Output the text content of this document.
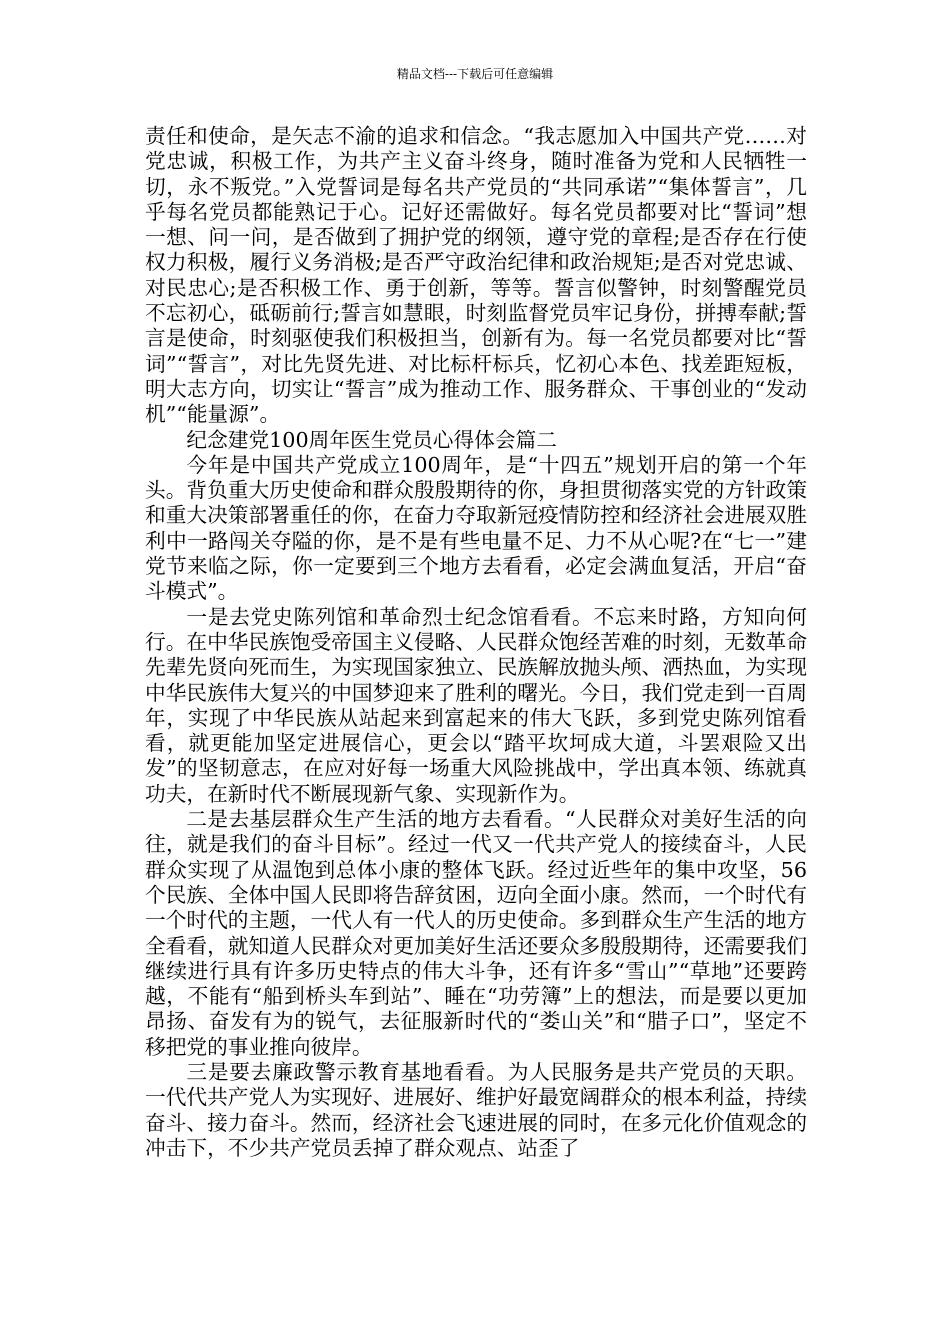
精品文档---下载后可任意编辑

责任和使命，是矢志不渝的追求和信念。“我志愿加入中国共产党……对党忠诚，积极工作，为共产主义奋斗终身，随时准备为党和人民牺牲一切，永不叛党。”入党誓词是每名共产党员的“共同承诺”“集体誓言”，几乎每名党员都能熟记于心。记好还需做好。每名党员都要对比“誓词”想一想、问一问，是否做到了拥护党的纲领，遵守党的章程;是否存在行使权力积极，履行义务消极;是否严守政治纪律和政治规矩;是否对党忠诚、对民忠心;是否积极工作、勇于创新，等等。誓言似警钟，时刻警醒党员不忘初心，砥砺前行;誓言如慧眼，时刻监督党员牢记身份，拼搏奉献;誓言是使命，时刻驱使我们积极担当，创新有为。每一名党员都要对比“誓词”“誓言”，对比先贤先进、对比标杆标兵，忆初心本色、找差距短板，明大志方向，切实让“誓言”成为推动工作、服务群众、干事创业的“发动机”“能量源”。

纪念建党100周年医生党员心得体会篇二

今年是中国共产党成立100周年，是“十四五”规划开启的第一个年头。背负重大历史使命和群众殷殷期待的你，身担贯彻落实党的方针政策和重大决策部署重任的你，在奋力夺取新冠疫情防控和经济社会进展双胜利中一路闯关夺隘的你，是不是有些电量不足、力不从心呢?在“七一”建党节来临之际，你一定要到三个地方去看看，必定会满血复活，开启“奋斗模式”。

一是去党史陈列馆和革命烈士纪念馆看看。不忘来时路，方知向何行。在中华民族饱受帝国主义侵略、人民群众饱经苦难的时刻，无数革命先辈先贤向死而生，为实现国家独立、民族解放抛头颅、洒热血，为实现中华民族伟大复兴的中国梦迎来了胜利的曙光。今日，我们党走到一百周年，实现了中华民族从站起来到富起来的伟大飞跃，多到党史陈列馆看看，就更能加坚定进展信心，更会以“踏平坎坷成大道，斗罢艰险又出发”的坚韧意志，在应对好每一场重大风险挑战中，学出真本领、练就真功夫，在新时代不断展现新气象、实现新作为。

二是去基层群众生产生活的地方去看看。“人民群众对美好生活的向往，就是我们的奋斗目标”。经过一代又一代共产党人的接续奋斗，人民群众实现了从温饱到总体小康的整体飞跃。经过近些年的集中攻坚，56个民族、全体中国人民即将告辞贫困，迈向全面小康。然而，一个时代有一个时代的主题，一代人有一代人的历史使命。多到群众生产生活的地方全看看，就知道人民群众对更加美好生活还要众多殷殷期待，还需要我们继续进行具有许多历史特点的伟大斗争，还有许多“雪山”“草地”还要跨越，不能有“船到桥头车到站”、睡在“功劳簿”上的想法，而是要以更加昂扬、奋发有为的锐气，去征服新时代的“娄山关”和“腊子口”，坚定不移把党的事业推向彼岸。

三是要去廉政警示教育基地看看。为人民服务是共产党员的天职。一代代共产党人为实现好、进展好、维护好最宽阔群众的根本利益，持续奋斗、接力奋斗。然而，经济社会飞速进展的同时，在多元化价值观念的冲击下，不少共产党员丢掉了群众观点、站歪了
